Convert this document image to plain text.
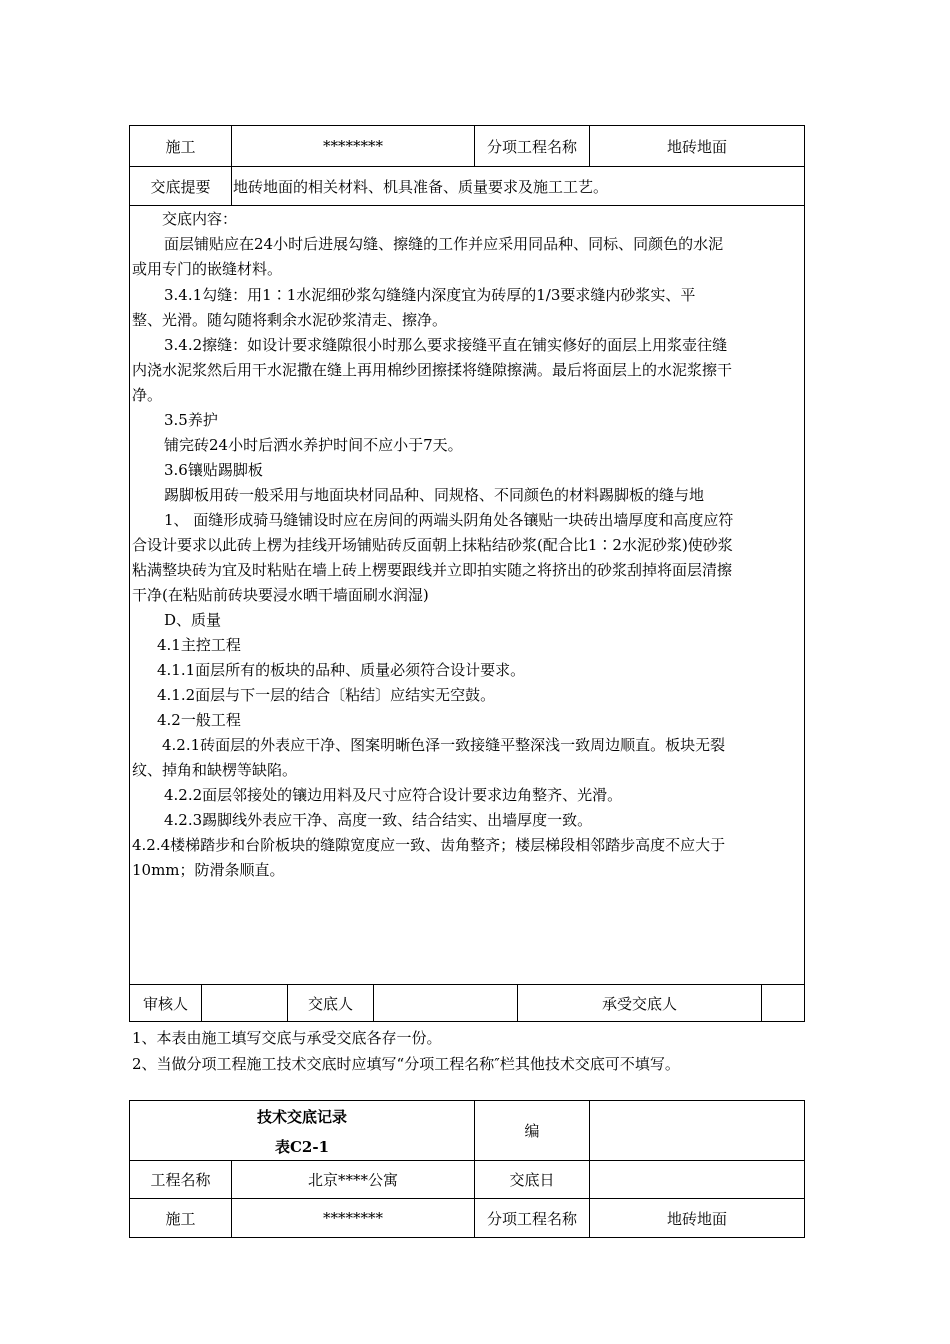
施工	********	分项工程名称	地砖地面
交底提要	地砖地面的相关材料、机具准备、质量要求及施工工艺。
交底内容：
面层铺贴应在24小时后进展勾缝、擦缝的工作并应采用同品种、同标、同颜色的水泥
或用专门的嵌缝材料。
3.4.1勾缝：用1∶1水泥细砂浆勾缝缝内深度宜为砖厚的1/3要求缝内砂浆实、平
整、光滑。随勾随将剩余水泥砂浆清走、擦净。
3.4.2擦缝：如设计要求缝隙很小时那么要求接缝平直在铺实修好的面层上用浆壶往缝
内浇水泥浆然后用干水泥撒在缝上再用棉纱团擦揉将缝隙擦满。最后将面层上的水泥浆擦干
净。
3.5养护
铺完砖24小时后洒水养护时间不应小于7天。
3.6镶贴踢脚板
踢脚板用砖一般采用与地面块材同品种、同规格、不同颜色的材料踢脚板的缝与地
1、 面缝形成骑马缝铺设时应在房间的两端头阴角处各镶贴一块砖出墙厚度和高度应符
合设计要求以此砖上楞为挂线开场铺贴砖反面朝上抹粘结砂浆(配合比1∶2水泥砂浆)使砂浆
粘满整块砖为宜及时粘贴在墙上砖上楞要跟线并立即拍实随之将挤出的砂浆刮掉将面层清擦
干净(在粘贴前砖块要浸水晒干墙面刷水润湿)
D、质量
4.1主控工程
4.1.1面层所有的板块的品种、质量必须符合设计要求。
4.1.2面层与下一层的结合〔粘结〕应结实无空鼓。
4.2一般工程
4.2.1砖面层的外表应干净、图案明晰色泽一致接缝平整深浅一致周边顺直。板块无裂
纹、掉角和缺楞等缺陷。
4.2.2面层邻接处的镶边用料及尺寸应符合设计要求边角整齐、光滑。
4.2.3踢脚线外表应干净、高度一致、结合结实、出墙厚度一致。
4.2.4楼梯踏步和台阶板块的缝隙宽度应一致、齿角整齐；楼层梯段相邻踏步高度不应大于
10mm；防滑条顺直。
审核人	交底人	承受交底人
1、本表由施工填写交底与承受交底各存一份。
2、当做分项工程施工技术交底时应填写“分项工程名称″栏其他技术交底可不填写。
技术交底记录
表C2-1
编
工程名称	北京****公寓	交底日
施工	********	分项工程名称	地砖地面
